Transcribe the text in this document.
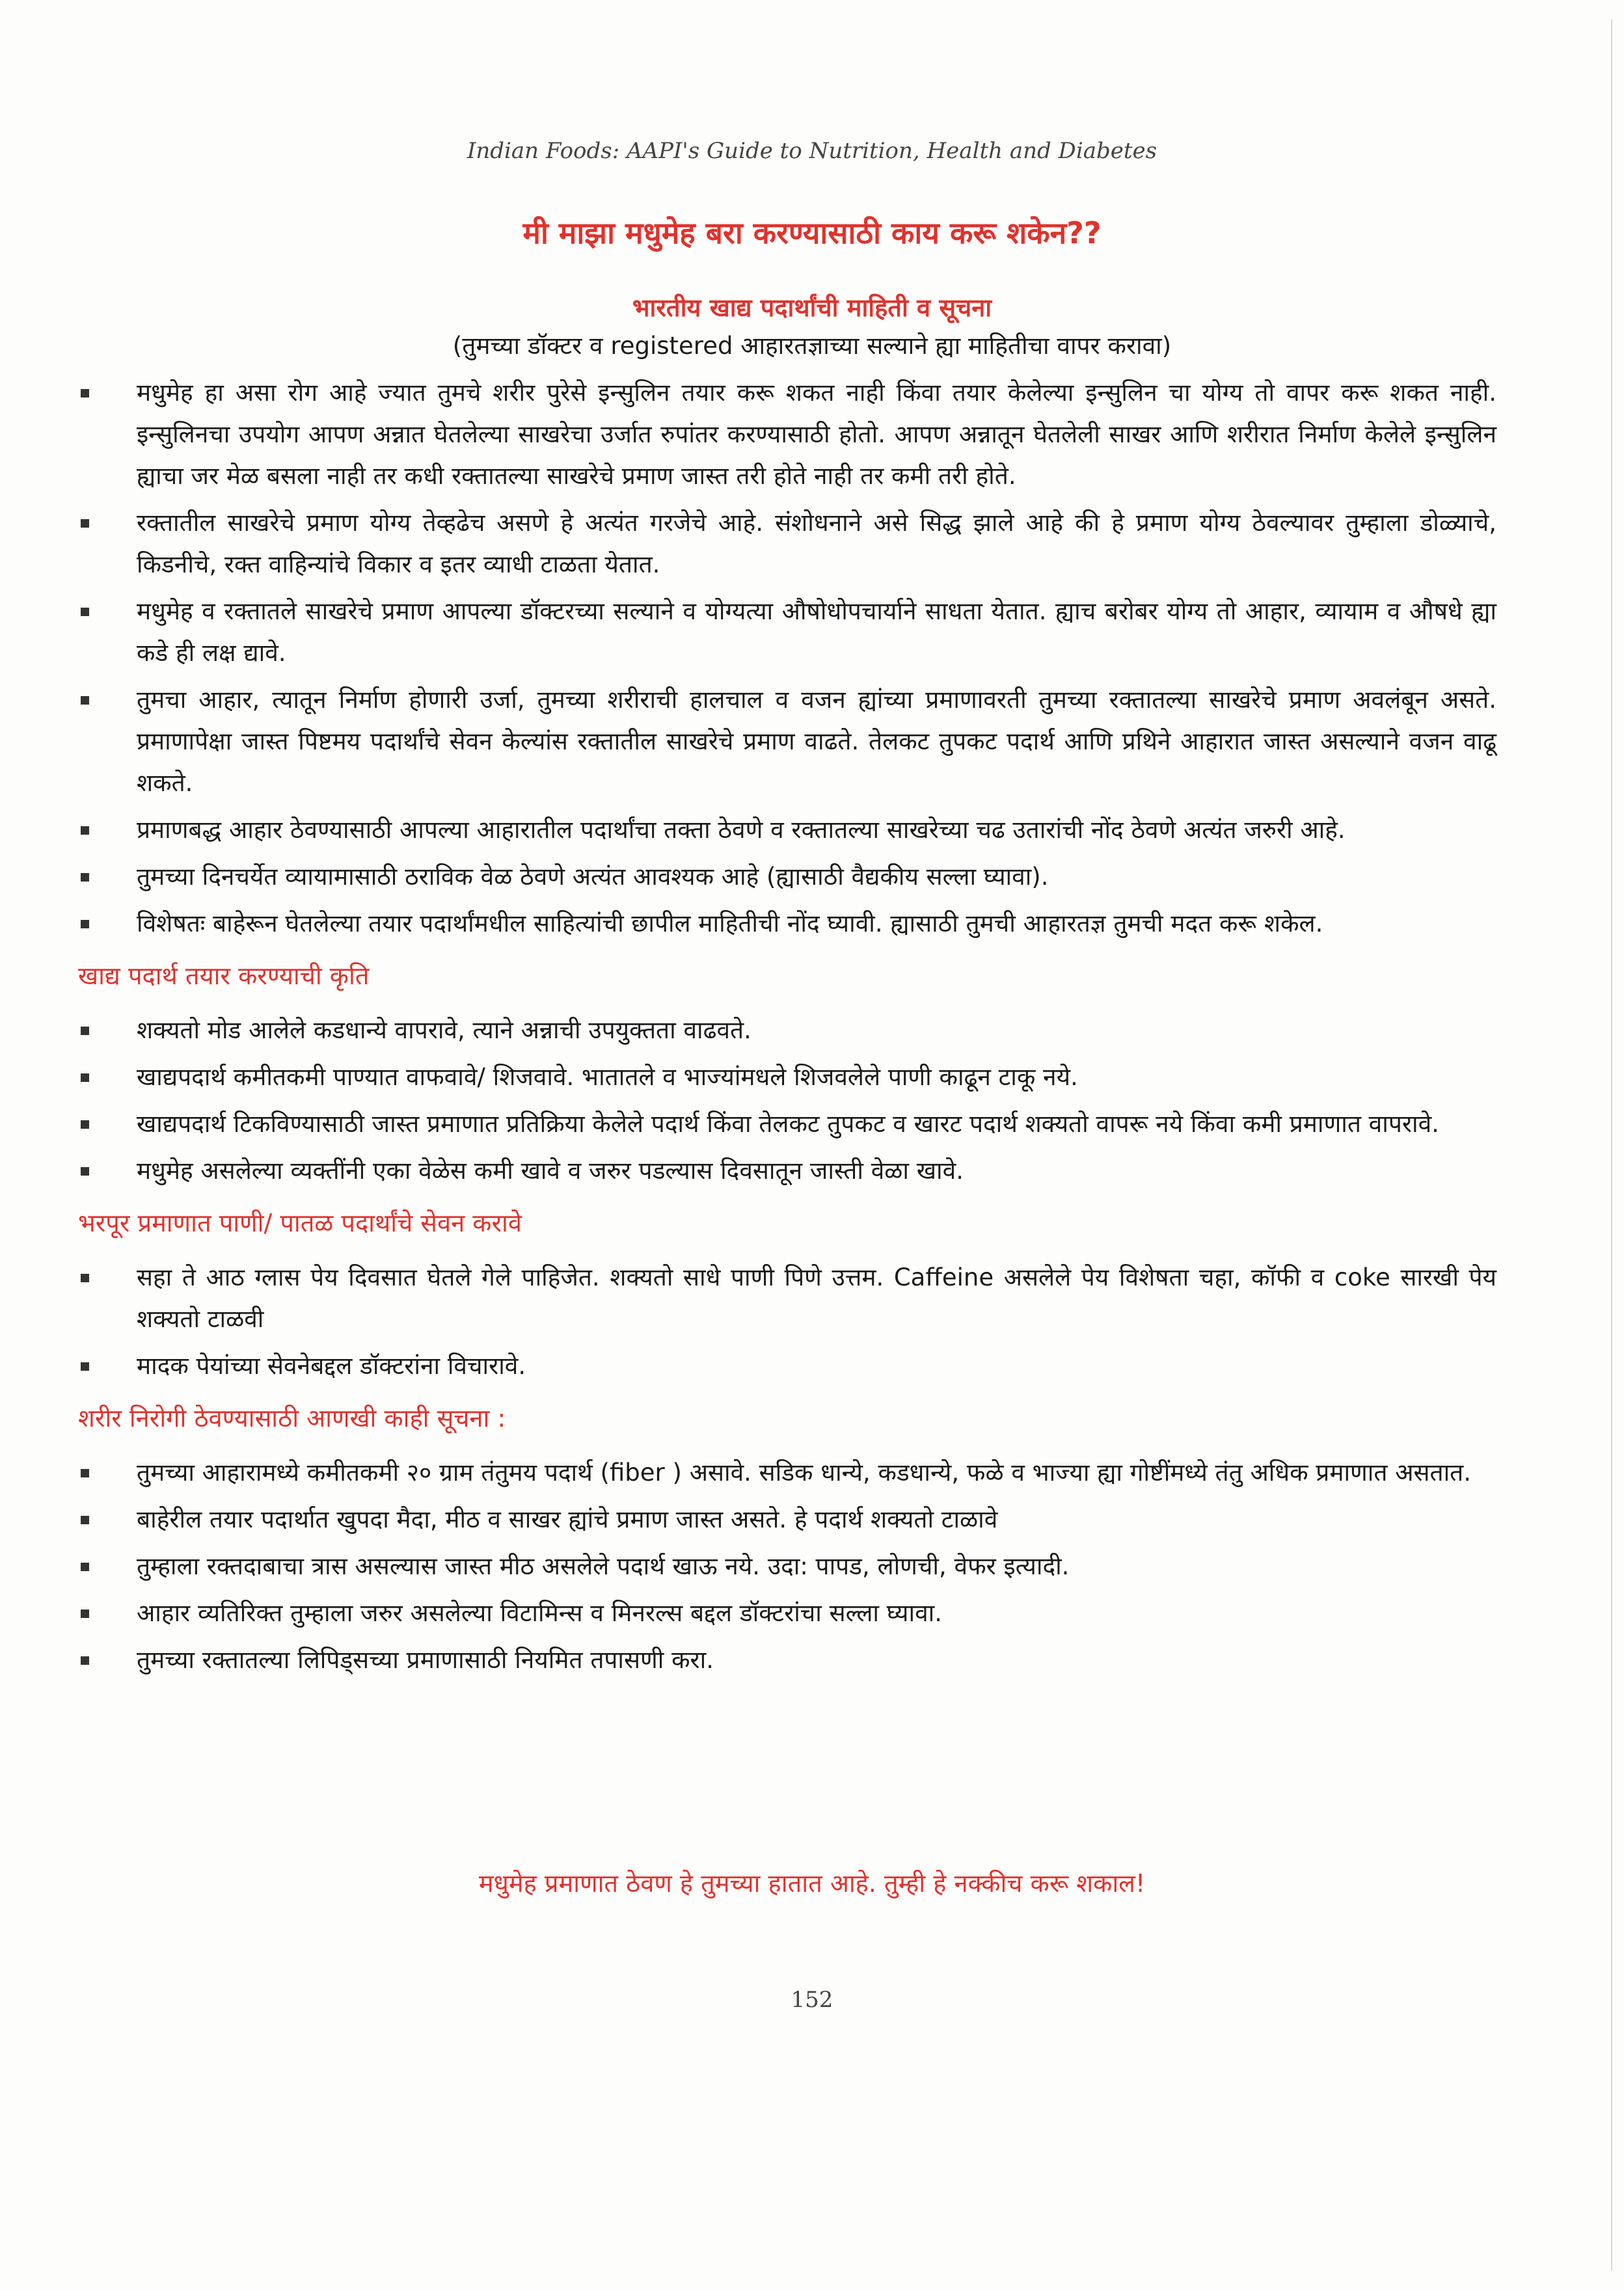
Indian Foods: AAPI's Guide to Nutrition, Health and Diabetes
मी माझा मधुमेह बरा करण्यासाठी काय करू शकेन??
भारतीय खाद्य पदार्थांची माहिती व सूचना
(तुमच्या डॉक्टर व registered आहारतज्ञाच्या सल्याने ह्या माहितीचा वापर करावा)
मधुमेह हा असा रोग आहे ज्यात तुमचे शरीर पुरेसे इन्सुलिन तयार करू शकत नाही किंवा तयार केलेल्या इन्सुलिन चा योग्य तो वापर करू शकत नाही. इन्सुलिनचा उपयोग आपण अन्नात घेतलेल्या साखरेचा उर्जात रुपांतर करण्यासाठी होतो. आपण अन्नातून घेतलेली साखर आणि शरीरात निर्माण केलेले इन्सुलिन ह्याचा जर मेळ बसला नाही तर कधी रक्तातल्या साखरेचे प्रमाण जास्त तरी होते नाही तर कमी तरी होते.
रक्तातील साखरेचे प्रमाण योग्य तेव्हढेच असणे हे अत्यंत गरजेचे आहे. संशोधनाने असे सिद्ध झाले आहे की हे प्रमाण योग्य ठेवल्यावर तुम्हाला डोळ्याचे, किडनीचे, रक्त वाहिन्यांचे विकार व इतर व्याधी टाळता येतात.
मधुमेह व रक्तातले साखरेचे प्रमाण आपल्या डॉक्टरच्या सल्याने व योग्यत्या औषोधोपचार्याने साधता येतात. ह्याच बरोबर योग्य तो आहार, व्यायाम व औषधे ह्या कडे ही लक्ष द्यावे.
तुमचा आहार, त्यातून निर्माण होणारी उर्जा, तुमच्या शरीराची हालचाल व वजन ह्यांच्या प्रमाणावरती तुमच्या रक्तातल्या साखरेचे प्रमाण अवलंबून असते. प्रमाणापेक्षा जास्त पिष्टमय पदार्थांचे सेवन केल्यांस रक्तातील साखरेचे प्रमाण वाढते. तेलकट तुपकट पदार्थ आणि प्रथिने आहारात जास्त असल्याने वजन वाढू शकते.
प्रमाणबद्ध आहार ठेवण्यासाठी आपल्या आहारातील पदार्थांचा तक्ता ठेवणे व रक्तातल्या साखरेच्या चढ उतारांची नोंद ठेवणे अत्यंत जरुरी आहे.
तुमच्या दिनचर्येत व्यायामासाठी ठराविक वेळ ठेवणे अत्यंत आवश्यक आहे (ह्यासाठी वैद्यकीय सल्ला घ्यावा).
विशेषतः बाहेरून घेतलेल्या तयार पदार्थांमधील साहित्यांची छापील माहितीची नोंद घ्यावी. ह्यासाठी तुमची आहारतज्ञ तुमची मदत करू शकेल.
खाद्य पदार्थ तयार करण्याची कृति
शक्यतो मोड आलेले कडधान्ये वापरावे, त्याने अन्नाची उपयुक्तता वाढवते.
खाद्यपदार्थ कमीतकमी पाण्यात वाफवावे/ शिजवावे. भातातले व भाज्यांमधले शिजवलेले पाणी काढून टाकू नये.
खाद्यपदार्थ टिकविण्यासाठी जास्त प्रमाणात प्रतिक्रिया केलेले पदार्थ किंवा तेलकट तुपकट व खारट पदार्थ शक्यतो वापरू नये किंवा कमी प्रमाणात वापरावे.
मधुमेह असलेल्या व्यक्तींनी एका वेळेस कमी खावे व जरुर पडल्यास दिवसातून जास्ती वेळा खावे.
भरपूर प्रमाणात पाणी/ पातळ पदार्थांचे सेवन करावे
सहा ते आठ ग्लास पेय दिवसात घेतले गेले पाहिजेत. शक्यतो साधे पाणी पिणे उत्तम. Caffeine असलेले पेय विशेषता चहा, कॉफी व coke सारखी पेय शक्यतो टाळवी
मादक पेयांच्या सेवनेबद्दल डॉक्टरांना विचारावे.
शरीर निरोगी ठेवण्यासाठी आणखी काही सूचना :
तुमच्या आहारामध्ये कमीतकमी २० ग्राम तंतुमय पदार्थ (fiber ) असावे. सडिक धान्ये, कडधान्ये, फळे व भाज्या ह्या गोष्टींमध्ये तंतु अधिक प्रमाणात असतात.
बाहेरील तयार पदार्थात खुपदा मैदा, मीठ व साखर ह्यांचे प्रमाण जास्त असते. हे पदार्थ शक्यतो टाळावे
तुम्हाला रक्तदाबाचा त्रास असल्यास जास्त मीठ असलेले पदार्थ खाऊ नये. उदा: पापड, लोणची, वेफर इत्यादी.
आहार व्यतिरिक्त तुम्हाला जरुर असलेल्या विटामिन्स व मिनरल्स बद्दल डॉक्टरांचा सल्ला घ्यावा.
तुमच्या रक्तातल्या लिपिड्सच्या प्रमाणासाठी नियमित तपासणी करा.
मधुमेह प्रमाणात ठेवण हे तुमच्या हातात आहे. तुम्ही हे नक्कीच करू शकाल!
152
